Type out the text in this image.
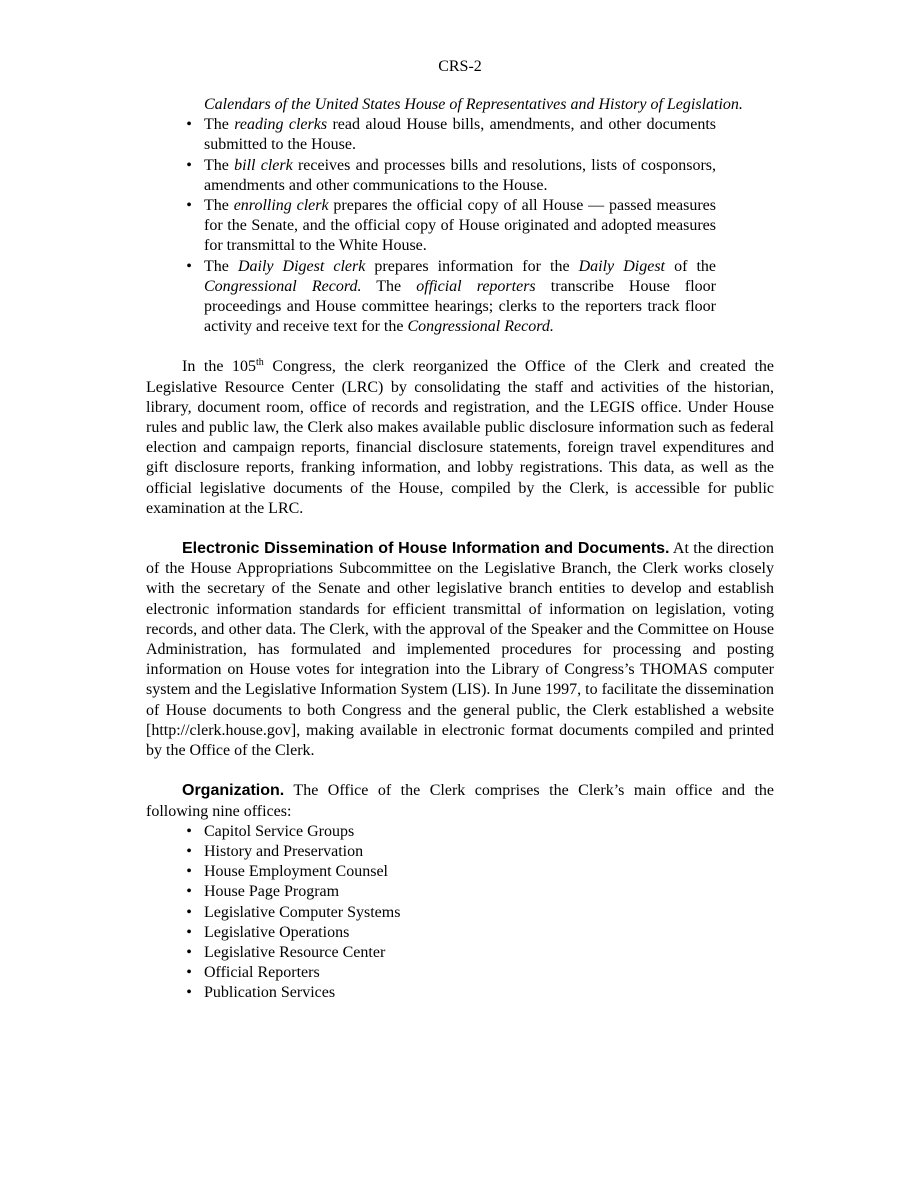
CRS-2
Calendars of the United States House of Representatives and History of Legislation.
• The reading clerks read aloud House bills, amendments, and other documents submitted to the House.
• The bill clerk receives and processes bills and resolutions, lists of cosponsors, amendments and other communications to the House.
• The enrolling clerk prepares the official copy of all House — passed measures for the Senate, and the official copy of House originated and adopted measures for transmittal to the White House.
• The Daily Digest clerk prepares information for the Daily Digest of the Congressional Record. The official reporters transcribe House floor proceedings and House committee hearings; clerks to the reporters track floor activity and receive text for the Congressional Record.

In the 105th Congress, the clerk reorganized the Office of the Clerk and created the Legislative Resource Center (LRC) by consolidating the staff and activities of the historian, library, document room, office of records and registration, and the LEGIS office. Under House rules and public law, the Clerk also makes available public disclosure information such as federal election and campaign reports, financial disclosure statements, foreign travel expenditures and gift disclosure reports, franking information, and lobby registrations. This data, as well as the official legislative documents of the House, compiled by the Clerk, is accessible for public examination at the LRC.

Electronic Dissemination of House Information and Documents. At the direction of the House Appropriations Subcommittee on the Legislative Branch, the Clerk works closely with the secretary of the Senate and other legislative branch entities to develop and establish electronic information standards for efficient transmittal of information on legislation, voting records, and other data. The Clerk, with the approval of the Speaker and the Committee on House Administration, has formulated and implemented procedures for processing and posting information on House votes for integration into the Library of Congress’s THOMAS computer system and the Legislative Information System (LIS). In June 1997, to facilitate the dissemination of House documents to both Congress and the general public, the Clerk established a website [http://clerk.house.gov], making available in electronic format documents compiled and printed by the Office of the Clerk.

Organization. The Office of the Clerk comprises the Clerk’s main office and the following nine offices:

• Capitol Service Groups
• History and Preservation
• House Employment Counsel
• House Page Program
• Legislative Computer Systems
• Legislative Operations
• Legislative Resource Center
• Official Reporters
• Publication Services
